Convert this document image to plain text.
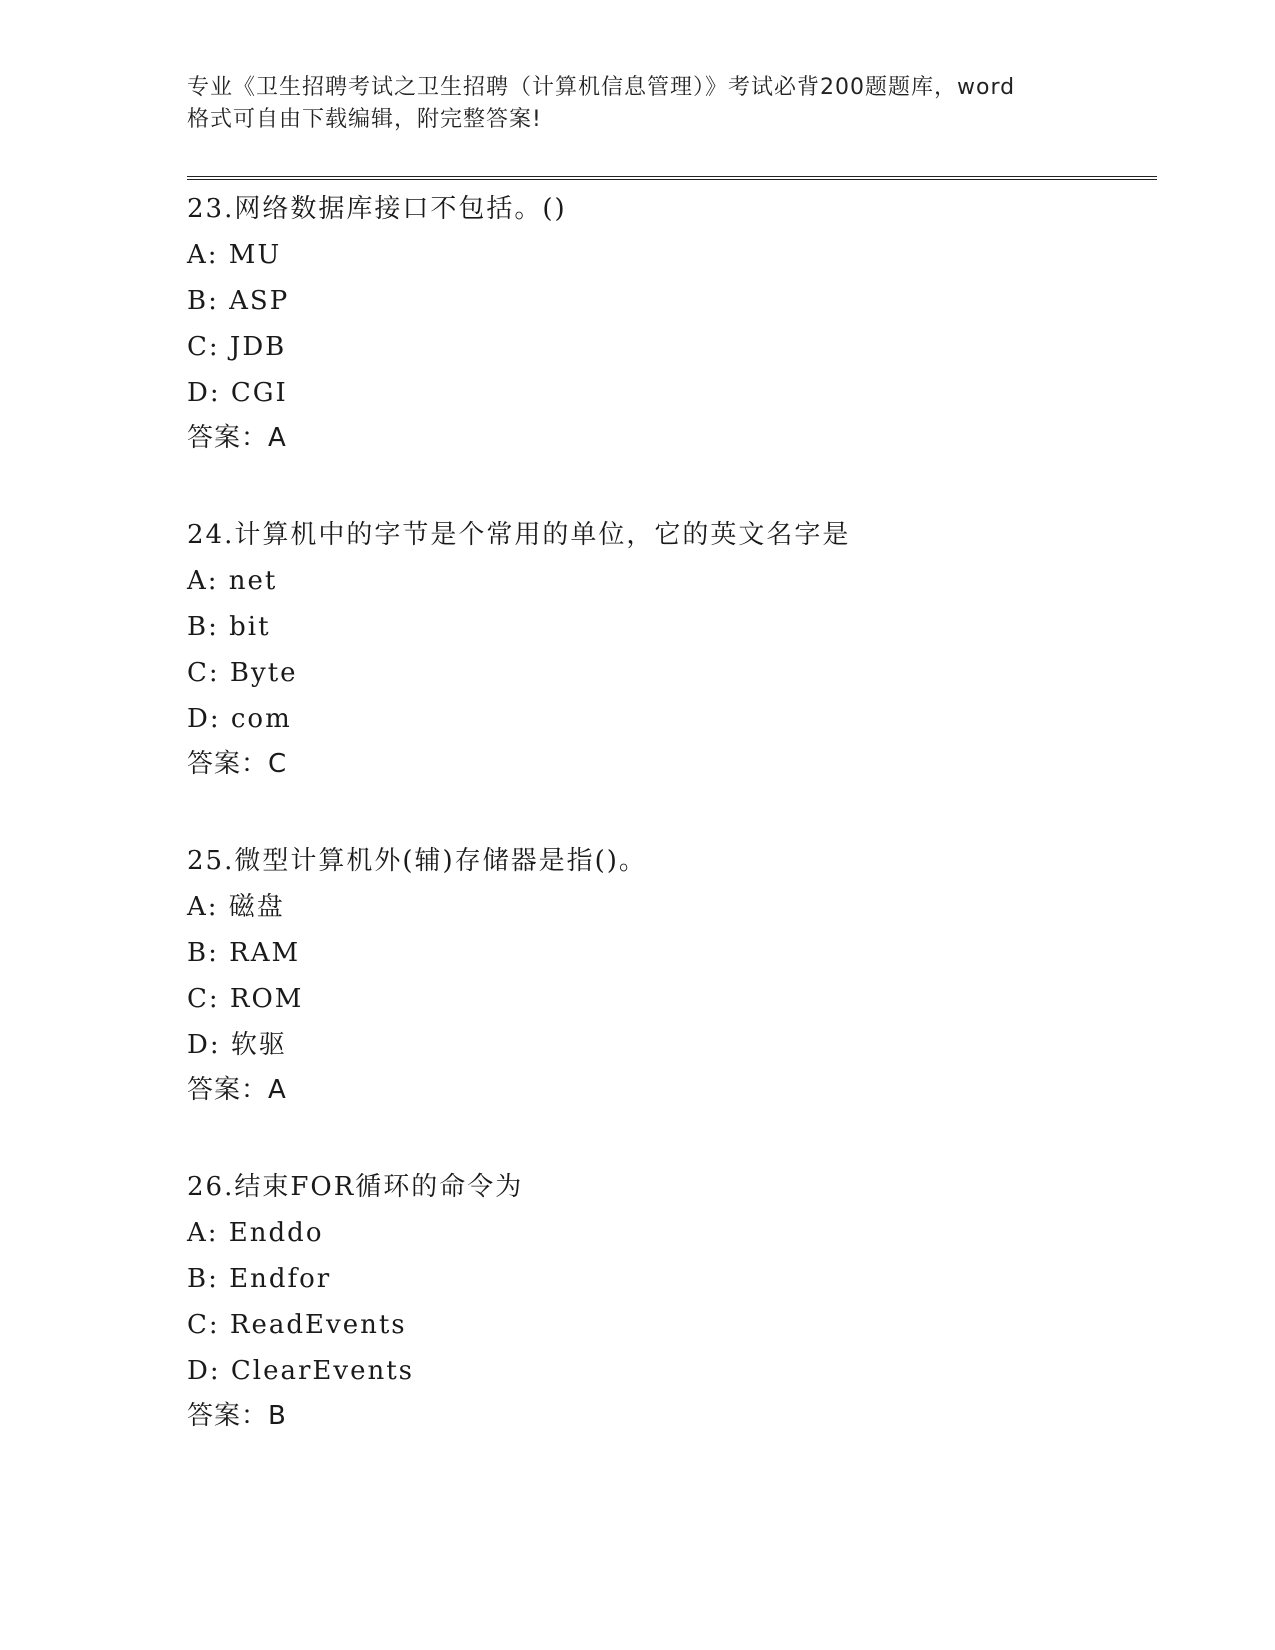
专业《卫生招聘考试之卫生招聘（计算机信息管理）》考试必背200题题库，word

格式可自由下载编辑，附完整答案!

23.网络数据库接口不包括。()

A: MU

B: ASP

C: JDB

D: CGI

答案：A

24.计算机中的字节是个常用的单位，它的英文名字是

A: net

B: bit

C: Byte

D: com

答案：C

25.微型计算机外(辅)存储器是指()。

A: 磁盘

B: RAM

C: ROM

D: 软驱

答案：A

26.结束FOR循环的命令为

A: Enddo

B: Endfor

C: ReadEvents

D: ClearEvents

答案：B
